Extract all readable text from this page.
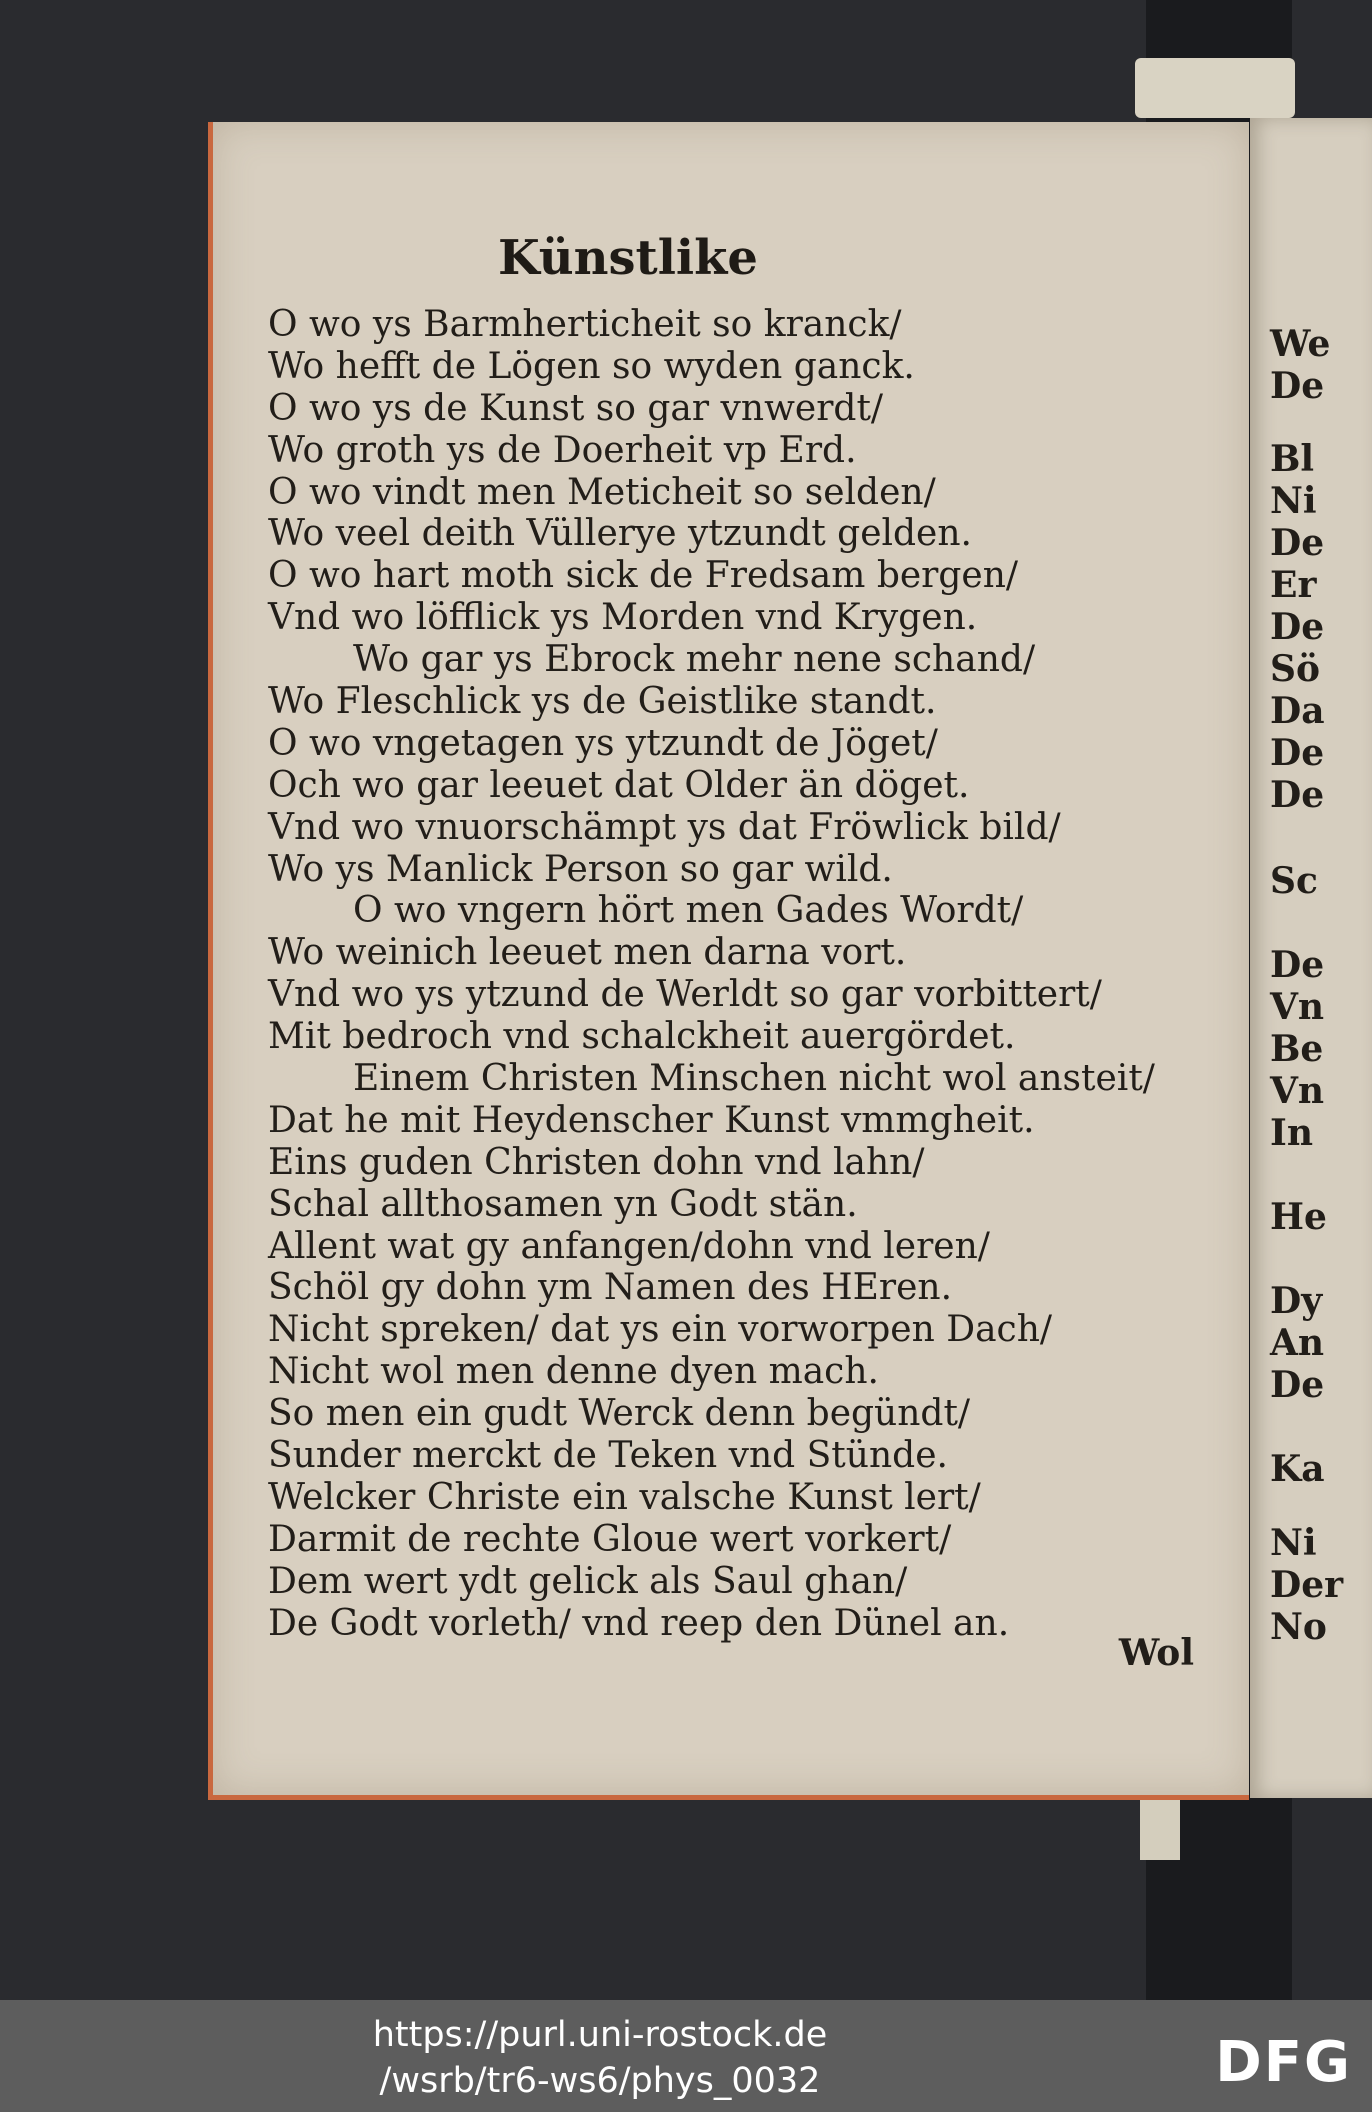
Künstlike
O wo ys Barmherticheit so kranck/
Wo hefft de Lögen so wyden ganck.
O wo ys de Kunst so gar vnwerdt/
Wo groth ys de Doerheit vp Erd.
O wo vindt men Meticheit so selden/
Wo veel deith Vüllerye ytzundt gelden.
O wo hart moth sick de Fredsam bergen/
Vnd wo löfflick ys Morden vnd Krygen.
Wo gar ys Ebrock mehr nene schand/
Wo Fleschlick ys de Geistlike standt.
O wo vngetagen ys ytzundt de Jöget/
Och wo gar leeuet dat Older än döget.
Vnd wo vnuorschämpt ys dat Fröwlick bild/
Wo ys Manlick Person so gar wild.
O wo vngern hört men Gades Wordt/
Wo weinich leeuet men darna vort.
Vnd wo ys ytzund de Werldt so gar vorbittert/
Mit bedroch vnd schalckheit auergördet.
Einem Christen Minschen nicht wol ansteit/
Dat he mit Heydenscher Kunst vmmgheit.
Eins guden Christen dohn vnd lahn/
Schal allthosamen yn Godt stän.
Allent wat gy anfangen/dohn vnd leren/
Schöl gy dohn ym Namen des HEren.
Nicht spreken/ dat ys ein vorworpen Dach/
Nicht wol men denne dyen mach.
So men ein gudt Werck denn begündt/
Sunder merckt de Teken vnd Stünde.
Welcker Christe ein valsche Kunst lert/
Darmit de rechte Gloue wert vorkert/
Dem wert ydt gelick als Saul ghan/
De Godt vorleth/ vnd reep den Dünel an.
Wol
We
De
Bl
Ni
De
Er
De
Sö
Da
De
De
Sc
De
Vn
Be
Vn
In
He
Dy
An
De
Ka
Ni
Der
No
https://purl.uni-rostock.de
/wsrb/tr6-ws6/phys_0032	DFG
